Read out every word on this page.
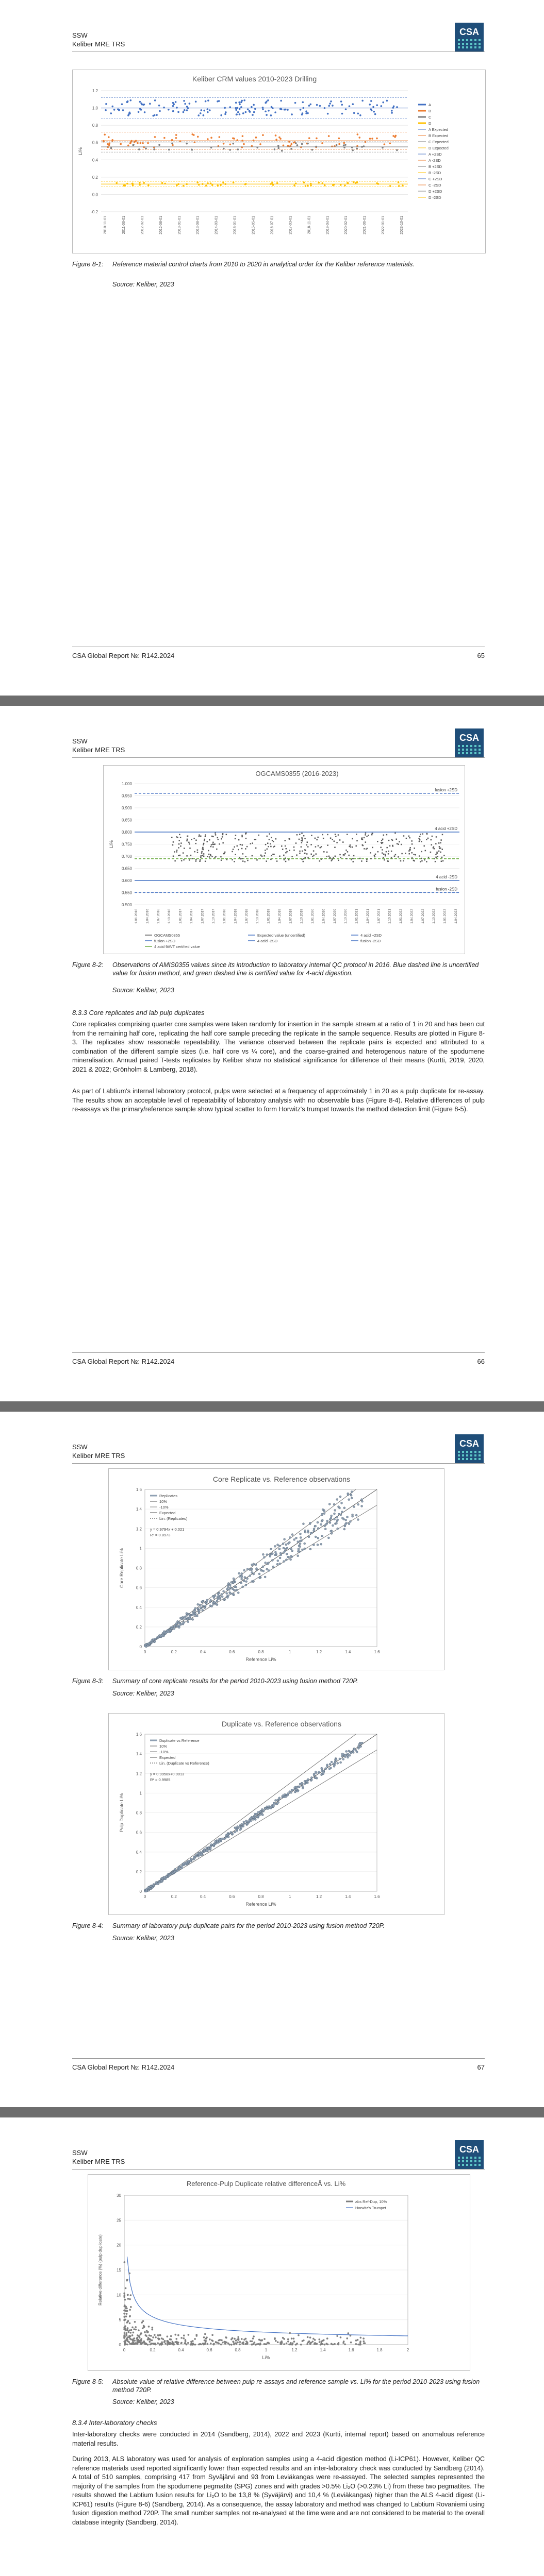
SSW
Keliber MRE TRS
CSA
Keliber CRM values 2010-2023 Drilling
1.2
1.0
0.8
0.6
0.4
0.2
0.0
-0.2
Li%
2010-11-01	2011-06-01	2012-02-01	2012-08-01	2013-01-01	2013-08-01	2014-03-01	2015-01-01	2015-05-01	2016-07-01	2017-03-01	2018-11-01	2019-04-01	2020-02-01	2021-06-01	2022-01-01	2023-10-01
A
B
C
D
A Expected
B Expected
C Expected
D Expected
A +2SD
A -2SD
B +2SD
B -2SD
C +2SD
C -2SD
D +2SD
D -2SD
Figure 8-1: Reference material control charts from 2010 to 2020 in analytical order for the Keliber reference materials.
Source: Keliber, 2023
CSA Global Report №: R142.2024	65
SSW
Keliber MRE TRS
CSA
OGCAMS0355 (2016-2023)
1.000
0.950
0.900
0.850
0.800
0.750
0.700
0.650
0.600
0.550
0.500
Li%
fusion +2SD
4 acid +2SD
4 acid -2SD
fusion -2SD
1.01.2016 1.04.2016 1.07.2016 1.10.2016 1.01.2017 1.04.2017 1.07.2017 1.10.2017 1.01.2018 1.04.2018 1.07.2018 1.10.2018 1.01.2019 1.04.2019 1.07.2019 1.10.2019 1.01.2020 1.04.2020 1.07.2020 1.10.2020 1.01.2021 1.04.2021 1.07.2021 1.10.2021 1.01.2022 1.04.2022 1.07.2022 1.10.2022 1.01.2023 1.04.2023
OGCAMS0355	Expected value (uncertified)	4 acid +2SD
fusion +2SD	4 acid -2SD	fusion -2SD
4 acid 9AVT certified value
Figure 8-2: Observations of AMIS0355 values since its introduction to laboratory internal QC protocol in 2016. Blue dashed line is uncertified value for fusion method, and green dashed line is certified value for 4-acid digestion.
Source: Keliber, 2023
8.3.3 Core replicates and lab pulp duplicates
Core replicates comprising quarter core samples were taken randomly for insertion in the sample stream at a ratio of 1 in 20 and has been cut from the remaining half core, replicating the half core sample preceding the replicate in the sample sequence. Results are plotted in Figure 8-3. The replicates show reasonable repeatability. The variance observed between the replicate pairs is expected and attributed to a combination of the different sample sizes (i.e. half core vs ¼ core), and the coarse-grained and heterogenous nature of the spodumene mineralisation. Annual paired T-tests replicates by Keliber show no statistical significance for difference of their means (Kurtti, 2019, 2020, 2021 & 2022; Grönholm & Lamberg, 2018).
As part of Labtium's internal laboratory protocol, pulps were selected at a frequency of approximately 1 in 20 as a pulp duplicate for re-assay. The results show an acceptable level of repeatability of laboratory analysis with no observable bias (Figure 8-4). Relative differences of pulp re-assays vs the primary/reference sample show typical scatter to form Horwitz's trumpet towards the method detection limit (Figure 8-5).
CSA Global Report №: R142.2024	66
SSW
Keliber MRE TRS
CSA
Core Replicate vs. Reference observations
0
0
0.2
0.2
0.4
0.4
0.6
0.6
0.8
0.8
1
1
1.2
1.2
1.4
1.4
1.6
1.6
Reference Li%
Core Replicate Li%
Replicates
10%
-10%
Expected
Lin. (Replicates)
y = 0.9794x + 0.021
R² = 0.8973
Figure 8-3: Summary of core replicate results for the period 2010-2023 using fusion method 720P.
Source: Keliber, 2023
Duplicate vs. Reference observations
0
0
0.2
0.2
0.4
0.4
0.6
0.6
0.8
0.8
1
1
1.2
1.2
1.4
1.4
1.6
1.6
Reference Li%
Pulp Duplicate Li%
Duplicate vs Reference
10%
-10%
Expected
Lin. (Duplicate vs Reference)
y = 0.9958x+0.0013
R² = 0.9985
Figure 8-4: Summary of laboratory pulp duplicate pairs for the period 2010-2023 using fusion method 720P.
Source: Keliber, 2023
CSA Global Report №: R142.2024	67
SSW
Keliber MRE TRS
CSA
Reference-Pulp Duplicate relative differenceÅ vs. Li%
30
25
20
15
10
5
0
0	0.2	0.4	0.6	0.8	1	1.2	1.4	1.6	1.8	2
Li%
Relative difference (%) (pulp duplicate)
abs Ref-Dup, 10%
Horwitz's Trumpet
Figure 8-5: Absolute value of relative difference between pulp re-assays and reference sample vs. Li% for the period 2010-2023 using fusion method 720P.
Source: Keliber, 2023
8.3.4 Inter-laboratory checks
Inter-laboratory checks were conducted in 2014 (Sandberg, 2014), 2022 and 2023 (Kurtti, internal report) based on anomalous reference material results.
During 2013, ALS laboratory was used for analysis of exploration samples using a 4-acid digestion method (Li-ICP61). However, Keliber QC reference materials used reported significantly lower than expected results and an inter-laboratory check was conducted by Sandberg (2014). A total of 510 samples, comprising 417 from Syväjärvi and 93 from Leviäkangas were re-assayed. The selected samples represented the majority of the samples from the spodumene pegmatite (SPG) zones and with grades >0.5% Li₂O (>0.23% Li) from these two pegmatites. The results showed the Labtium fusion results for Li₂O to be 13,8 % (Syväjärvi) and 10,4 % (Leviäkangas) higher than the ALS 4-acid digest (Li-ICP61) results (Figure 8-6) (Sandberg, 2014). As a consequence, the assay laboratory and method was changed to Labtium Rovaniemi using fusion digestion method 720P. The small number samples not re-analysed at the time were and are not considered to be material to the overall database integrity (Sandberg, 2014).
